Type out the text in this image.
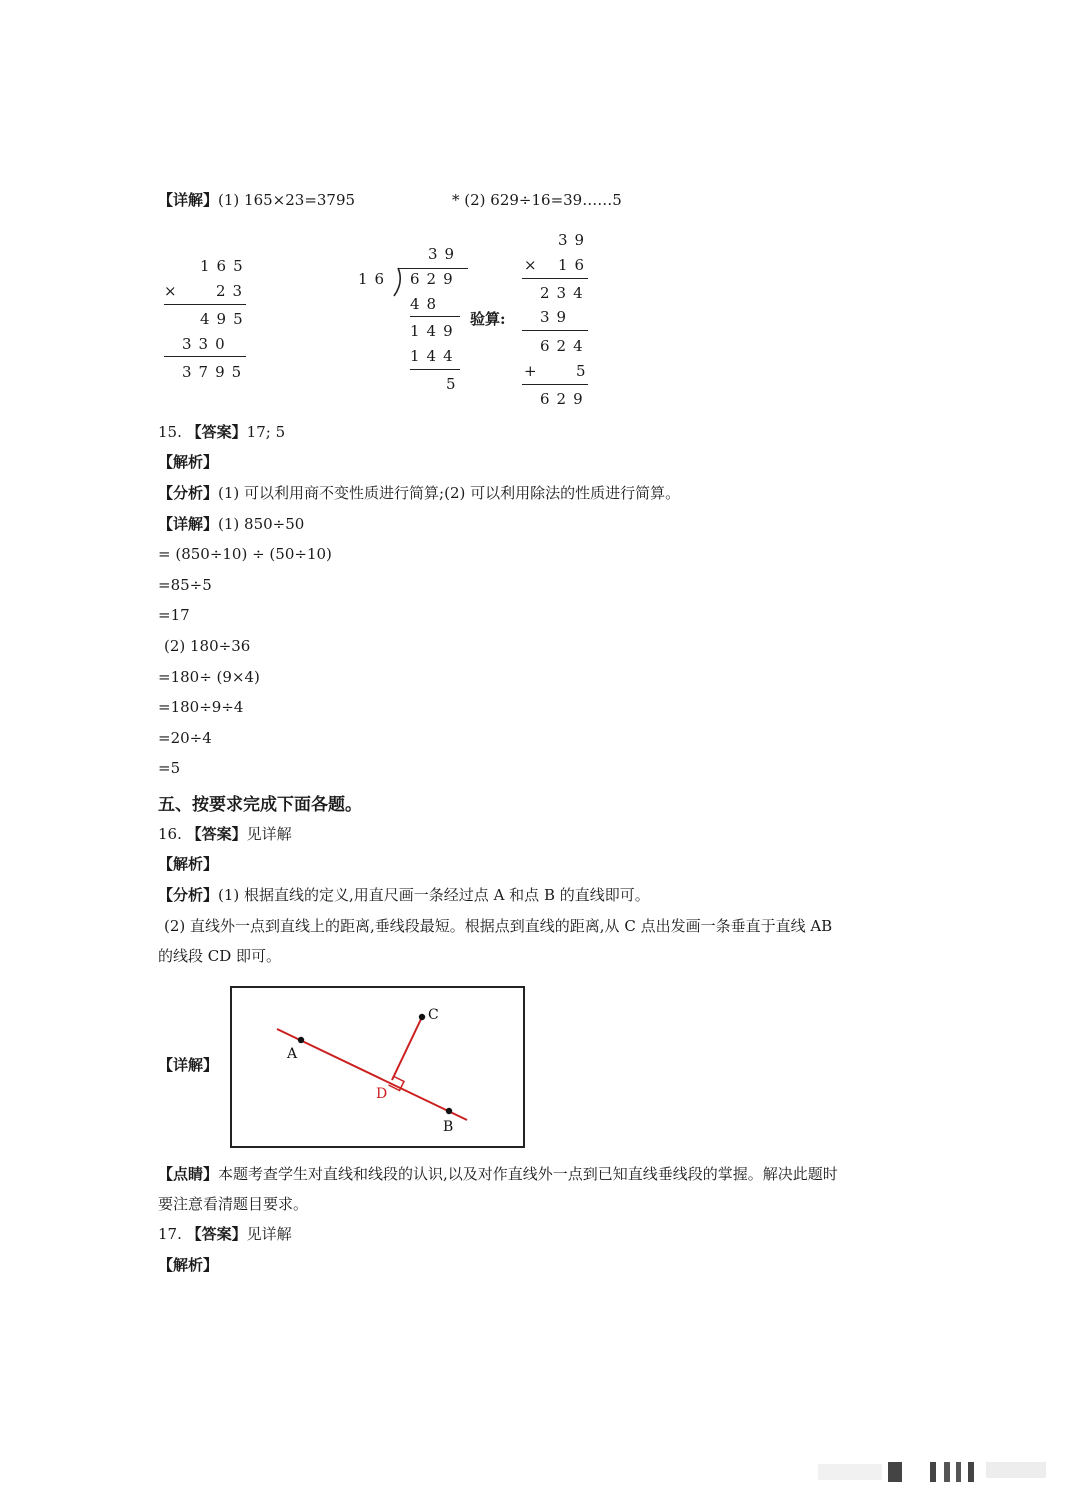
【详解】(1) 165×23=3795	* (2) 629÷16=39……5
165
× 23
495
330
3795
39
16 629
48
149
144
5
验算:
39
× 16
234
39
624
+ 5
629
15. 【答案】17; 5
【解析】
【分析】(1) 可以利用商不变性质进行简算;(2) 可以利用除法的性质进行简算。
【详解】(1) 850÷50
= (850÷10) ÷ (50÷10)
=85÷5
=17
(2) 180÷36
=180÷ (9×4)
=180÷9÷4
=20÷4
=5
五、按要求完成下面各题。
16. 【答案】见详解
【解析】
【分析】(1) 根据直线的定义,用直尺画一条经过点 A 和点 B 的直线即可。
(2) 直线外一点到直线上的距离,垂线段最短。根据点到直线的距离,从 C 点出发画一条垂直于直线 AB
的线段 CD 即可。
【详解】
A
B
C
D
【点睛】本题考查学生对直线和线段的认识,以及对作直线外一点到已知直线垂线段的掌握。解决此题时
要注意看清题目要求。
17. 【答案】见详解
【解析】
